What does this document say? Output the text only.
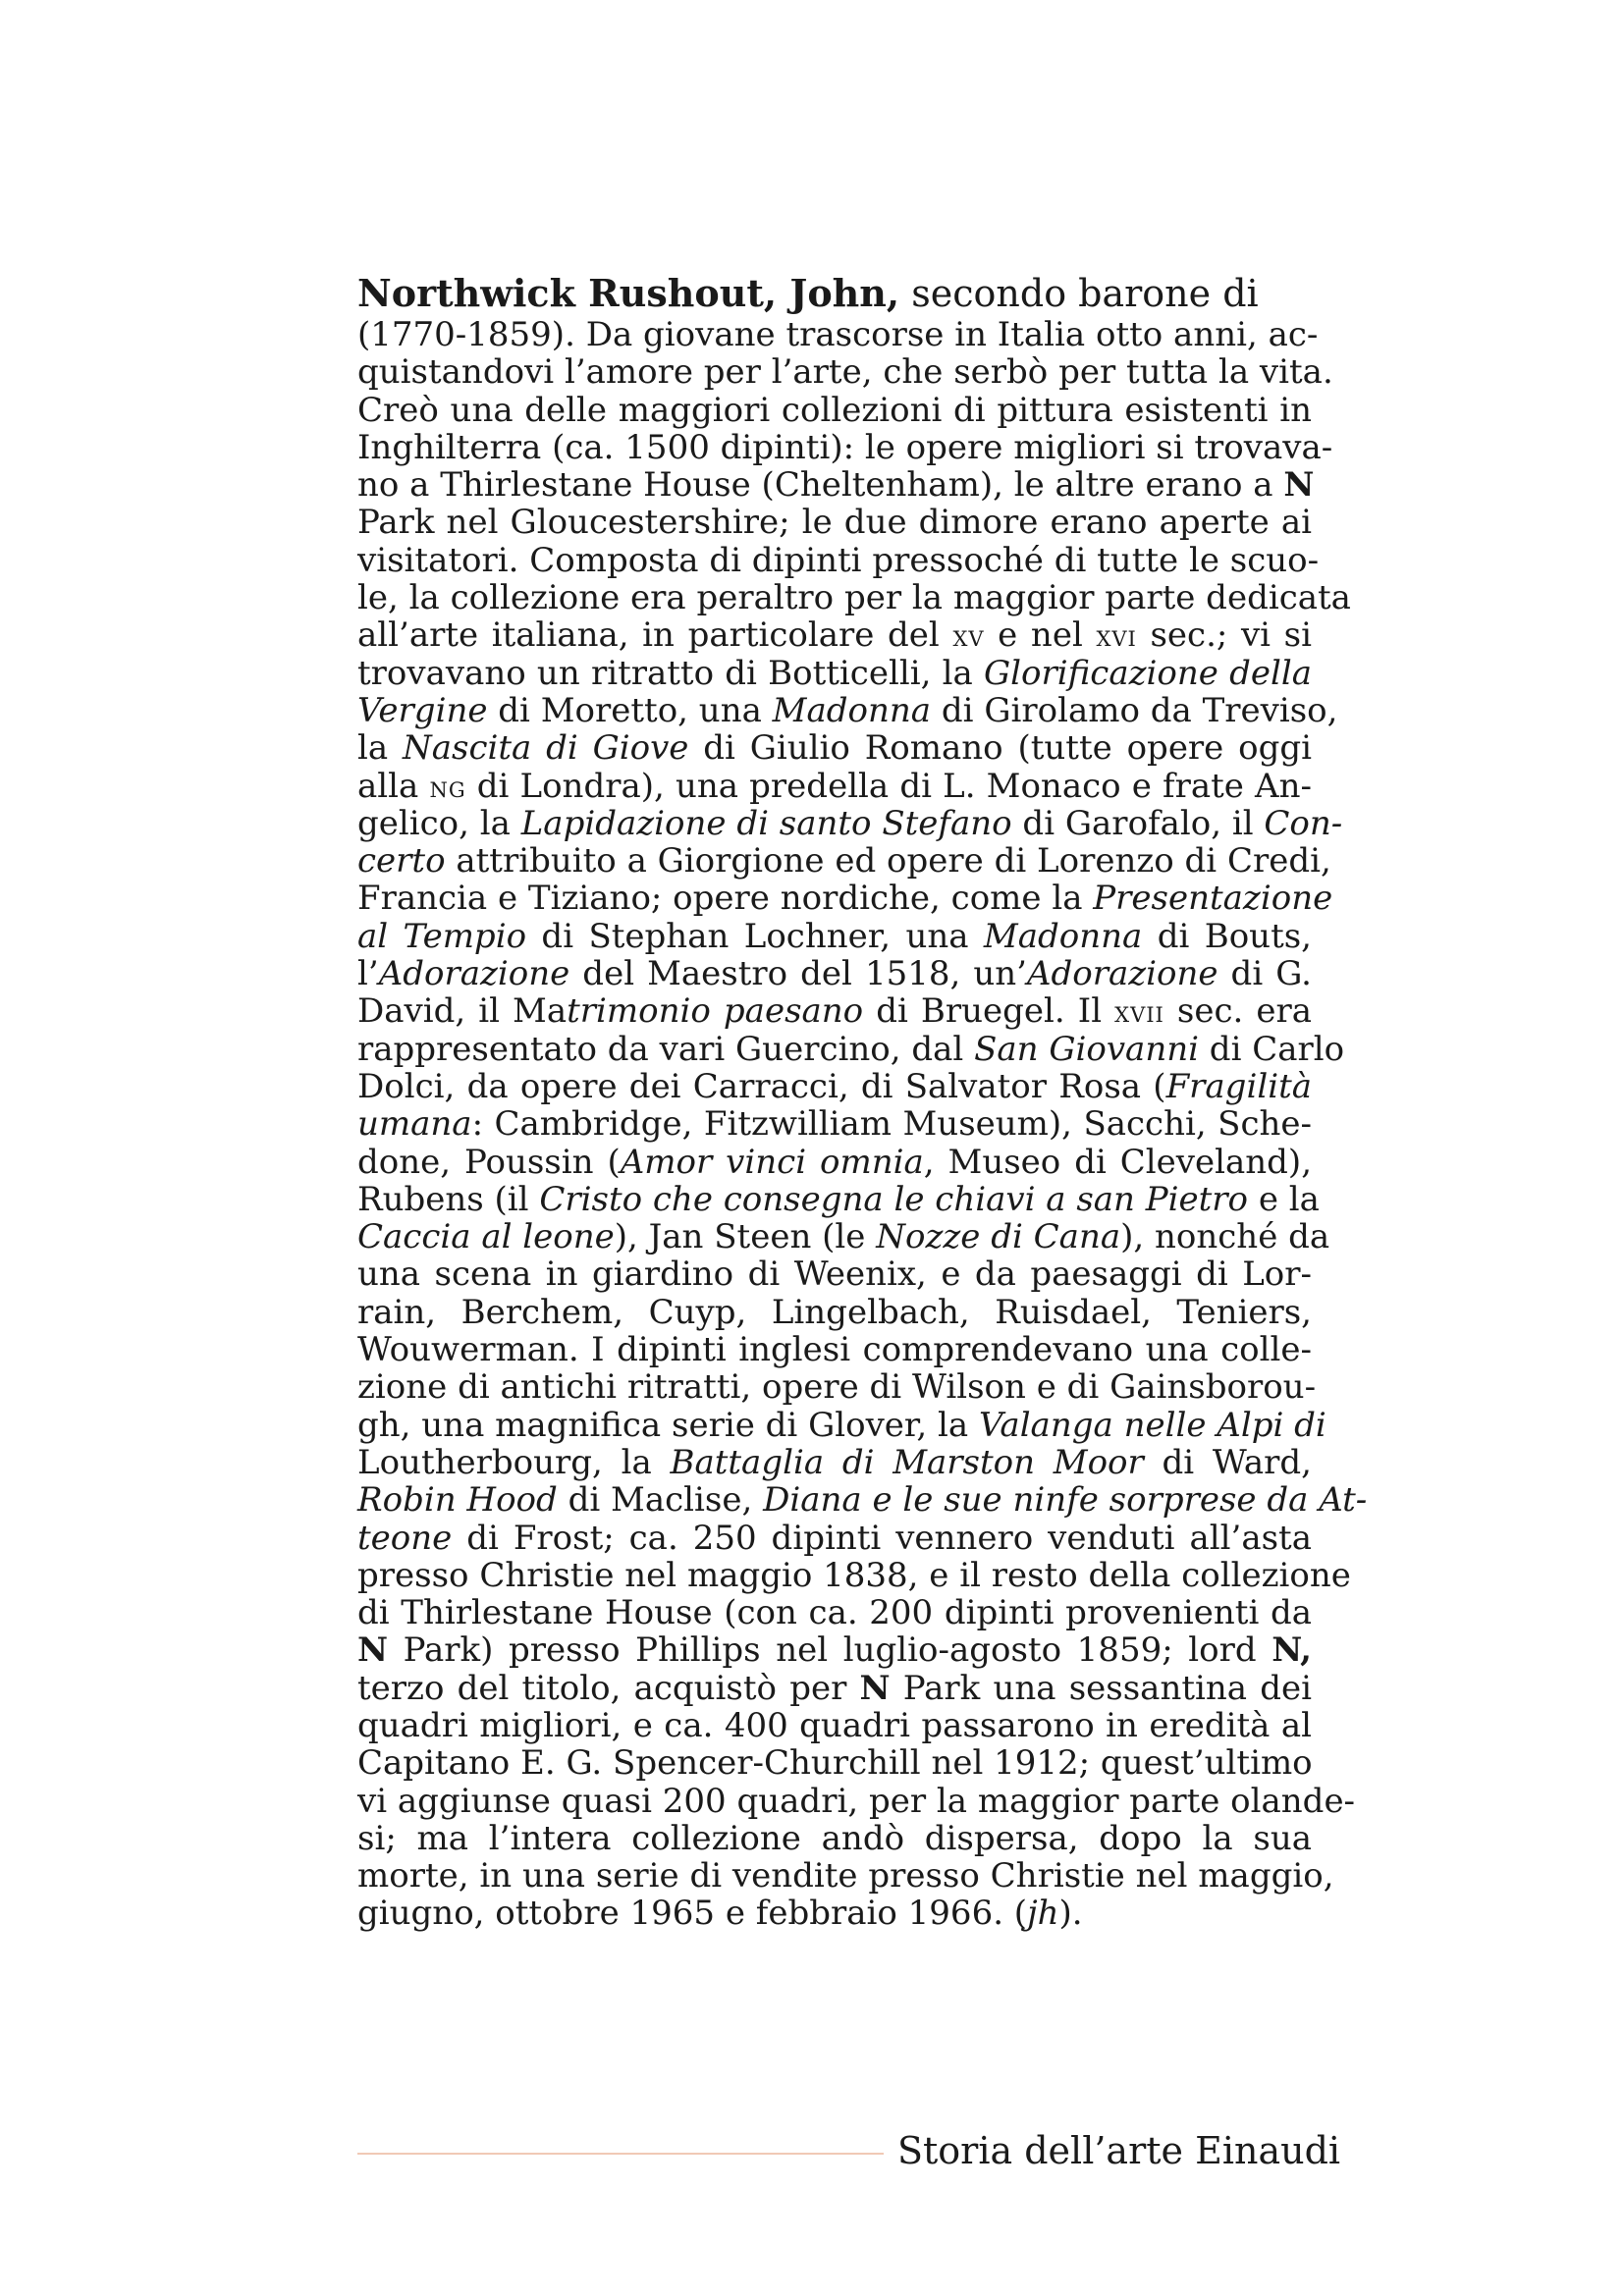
Northwick Rushout, John, secondo barone di

(1770-1859). Da giovane trascorse in Italia otto anni, ac-
quistandovi l’amore per l’arte, che serbò per tutta la vita.
Creò una delle maggiori collezioni di pittura esistenti in
Inghilterra (ca. 1500 dipinti): le opere migliori si trovava-
no a Thirlestane House (Cheltenham), le altre erano a N
Park nel Gloucestershire; le due dimore erano aperte ai
visitatori. Composta di dipinti pressoché di tutte le scuo-
le, la collezione era peraltro per la maggior parte dedicata
all’arte italiana, in particolare del xv e nel xvi sec.; vi si
trovavano un ritratto di Botticelli, la Glorificazione della
Vergine di Moretto, una Madonna di Girolamo da Treviso,
la Nascita di Giove di Giulio Romano (tutte opere oggi
alla ng di Londra), una predella di L. Monaco e frate An-
gelico, la Lapidazione di santo Stefano di Garofalo, il Con-
certo attribuito a Giorgione ed opere di Lorenzo di Credi,
Francia e Tiziano; opere nordiche, come la Presentazione
al Tempio di Stephan Lochner, una Madonna di Bouts,
l’Adorazione del Maestro del 1518, un’Adorazione di G.
David, il Matrimonio paesano di Bruegel. Il xvii sec. era
rappresentato da vari Guercino, dal San Giovanni di Carlo
Dolci, da opere dei Carracci, di Salvator Rosa (Fragilità
umana: Cambridge, Fitzwilliam Museum), Sacchi, Sche-
done, Poussin (Amor vinci omnia, Museo di Cleveland),
Rubens (il Cristo che consegna le chiavi a san Pietro e la
Caccia al leone), Jan Steen (le Nozze di Cana), nonché da
una scena in giardino di Weenix, e da paesaggi di Lor-
rain, Berchem, Cuyp, Lingelbach, Ruisdael, Teniers,
Wouwerman. I dipinti inglesi comprendevano una colle-
zione di antichi ritratti, opere di Wilson e di Gainsborou-
gh, una magnifica serie di Glover, la Valanga nelle Alpi di
Loutherbourg, la Battaglia di Marston Moor di Ward,
Robin Hood di Maclise, Diana e le sue ninfe sorprese da At-
teone di Frost; ca. 250 dipinti vennero venduti all’asta
presso Christie nel maggio 1838, e il resto della collezione
di Thirlestane House (con ca. 200 dipinti provenienti da
N Park) presso Phillips nel luglio-agosto 1859; lord N,
terzo del titolo, acquistò per N Park una sessantina dei
quadri migliori, e ca. 400 quadri passarono in eredità al
Capitano E. G. Spencer-Churchill nel 1912; quest’ultimo
vi aggiunse quasi 200 quadri, per la maggior parte olande-
si; ma l’intera collezione andò dispersa, dopo la sua
morte, in una serie di vendite presso Christie nel maggio,
giugno, ottobre 1965 e febbraio 1966. (jh).
Storia dell’arte Einaudi
